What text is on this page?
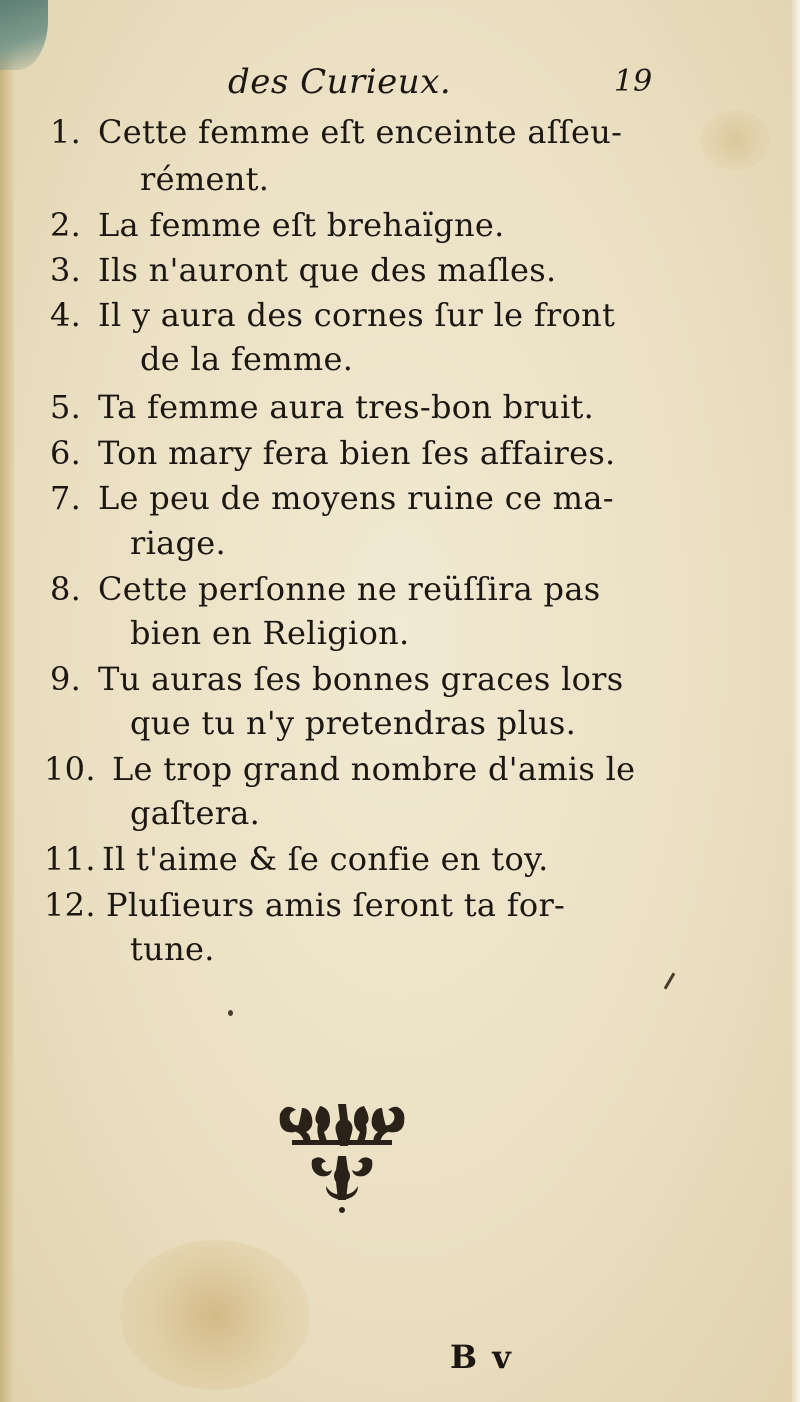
des Curieux.	19
1. Cette femme eſt enceinte aſſeu-
rément.
2. La femme eſt brehaïgne.
3. Ils n'auront que des maſles.
4. Il y aura des cornes ſur le front
de la femme.
5. Ta femme aura tres-bon bruit.
6. Ton mary fera bien ſes affaires.
7. Le peu de moyens ruine ce ma-
riage.
8. Cette perſonne ne reüſſira pas
bien en Religion.
9. Tu auras ſes bonnes graces lors
que tu n'y pretendras plus.
10. Le trop grand nombre d'amis le
gaſtera.
11. Il t'aime & ſe confie en toy.
12. Pluſieurs amis ſeront ta for-
tune.
B v
